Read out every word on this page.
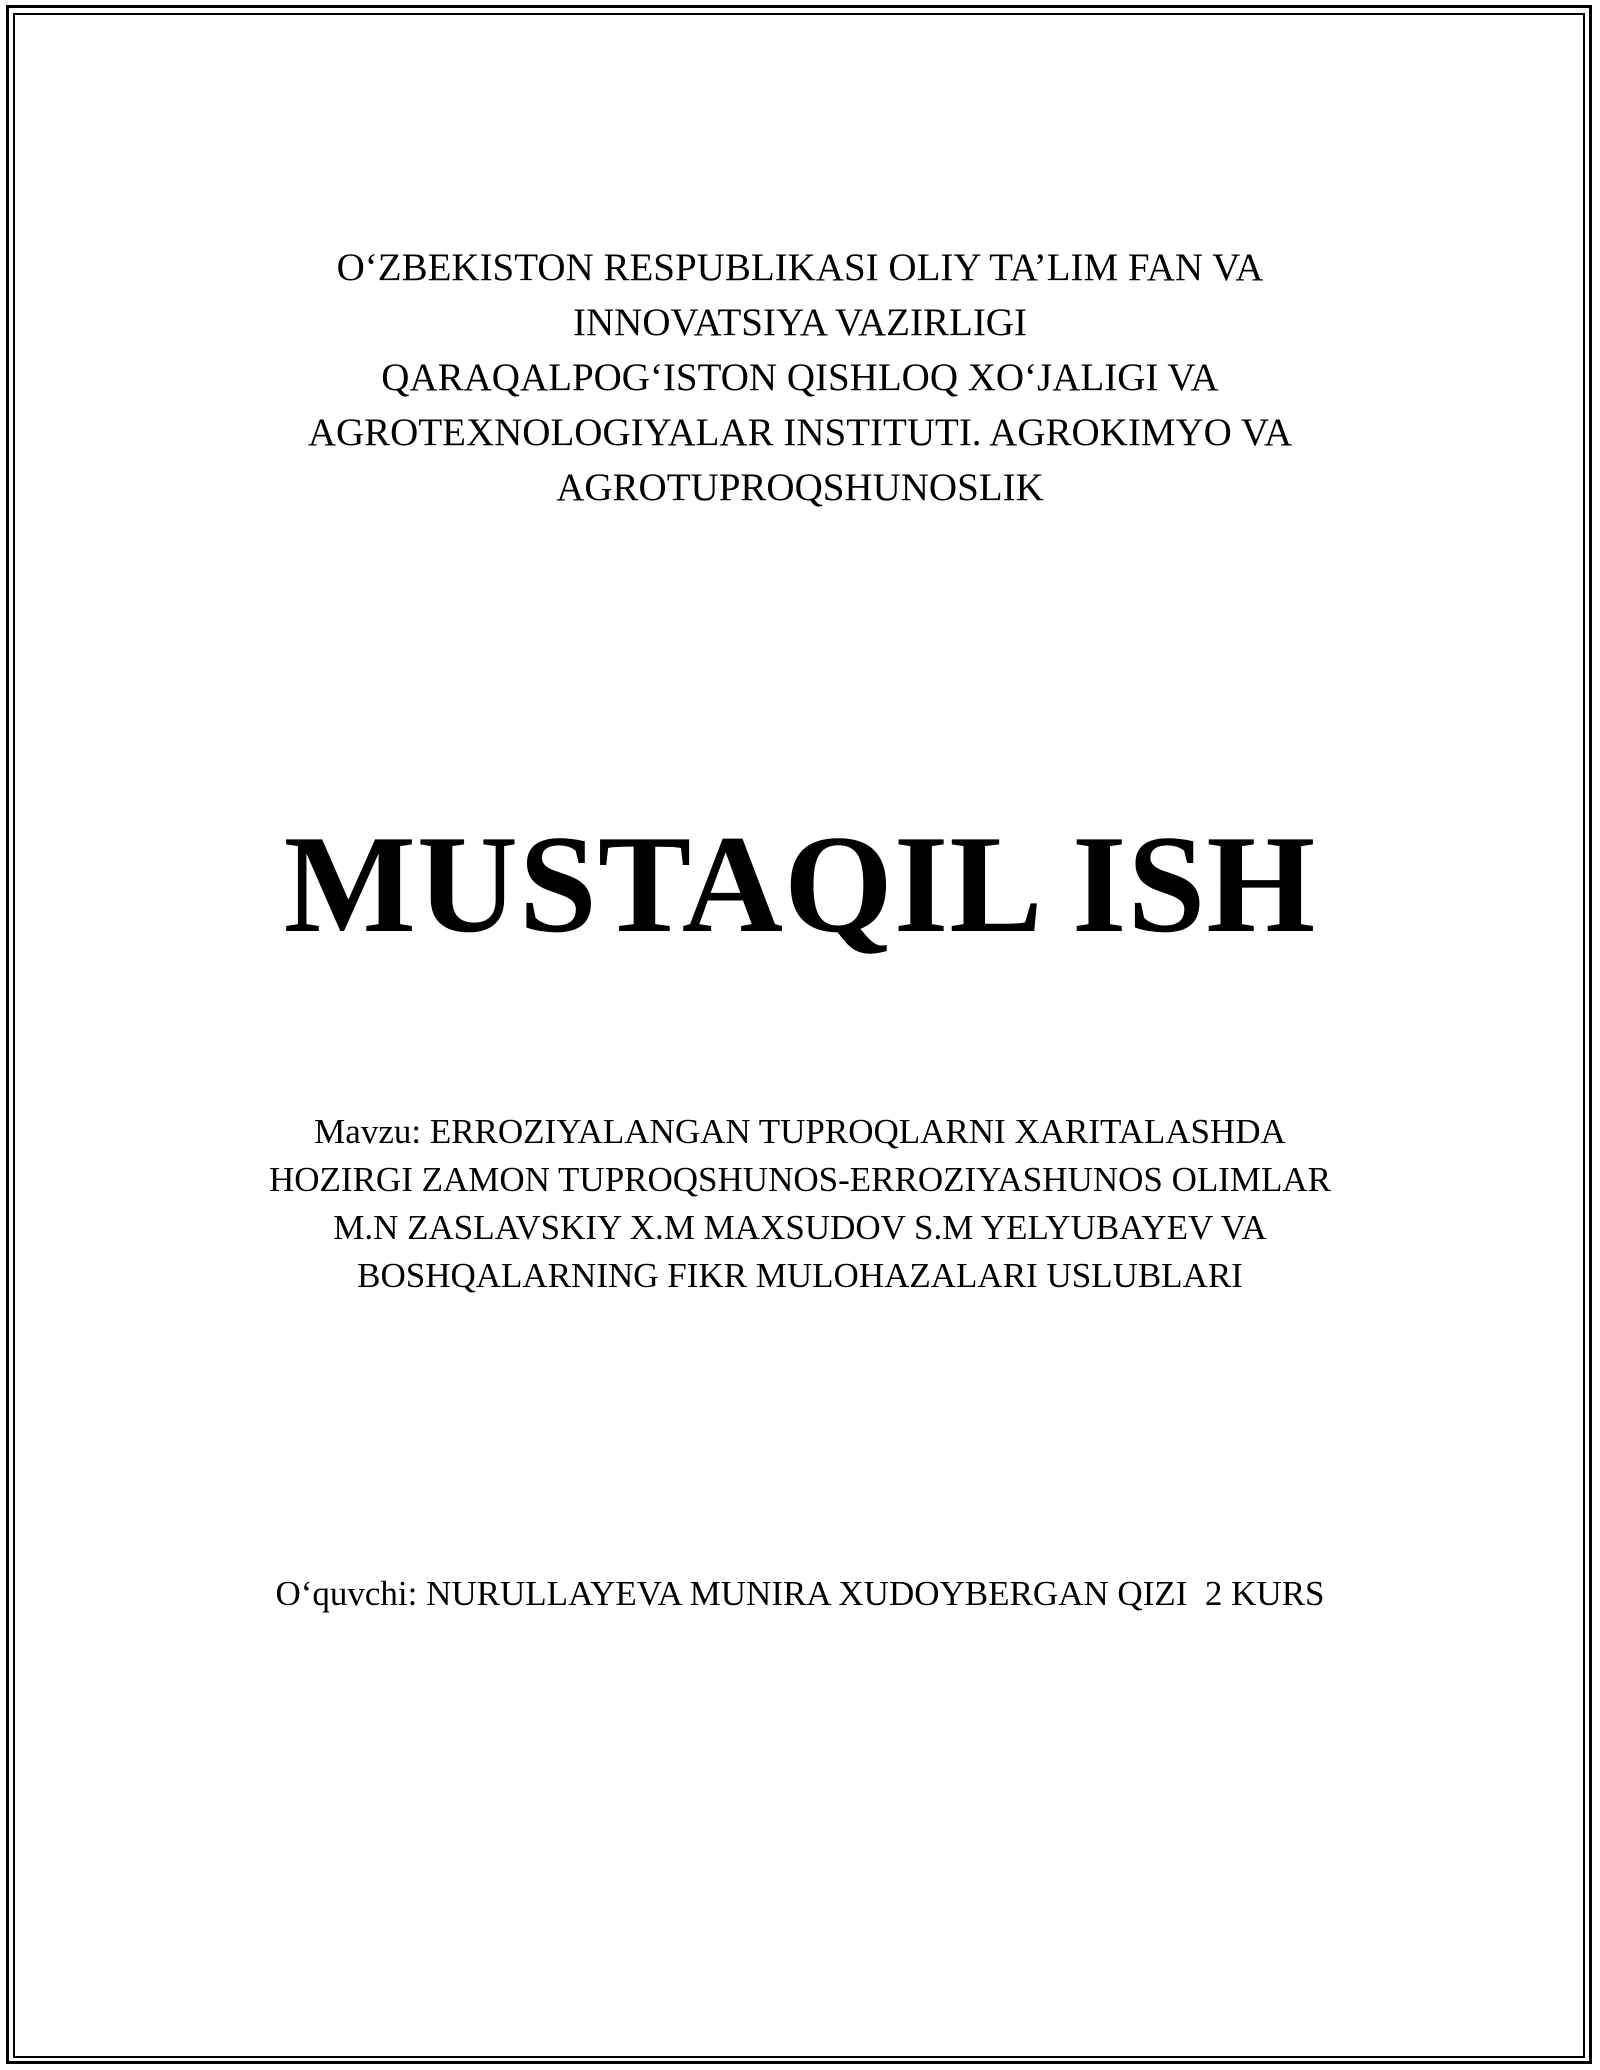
O‘ZBEKISTON RESPUBLIKASI OLIY TA’LIM FAN VA
INNOVATSIYA VAZIRLIGI
QARAQALPOG‘ISTON QISHLOQ XO‘JALIGI VA
AGROTEXNOLOGIYALAR INSTITUTI. AGROKIMYO VA
AGROTUPROQSHUNOSLIK
MUSTAQIL ISH
Mavzu: ERROZIYALANGAN TUPROQLARNI XARITALASHDA
HOZIRGI ZAMON TUPROQSHUNOS-ERROZIYASHUNOS OLIMLAR
M.N ZASLAVSKIY X.M MAXSUDOV S.M YELYUBAYEV VA
BOSHQALARNING FIKR MULOHAZALARI USLUBLARI
O‘quvchi: NURULLAYEVA MUNIRA XUDOYBERGAN QIZI  2 KURS
